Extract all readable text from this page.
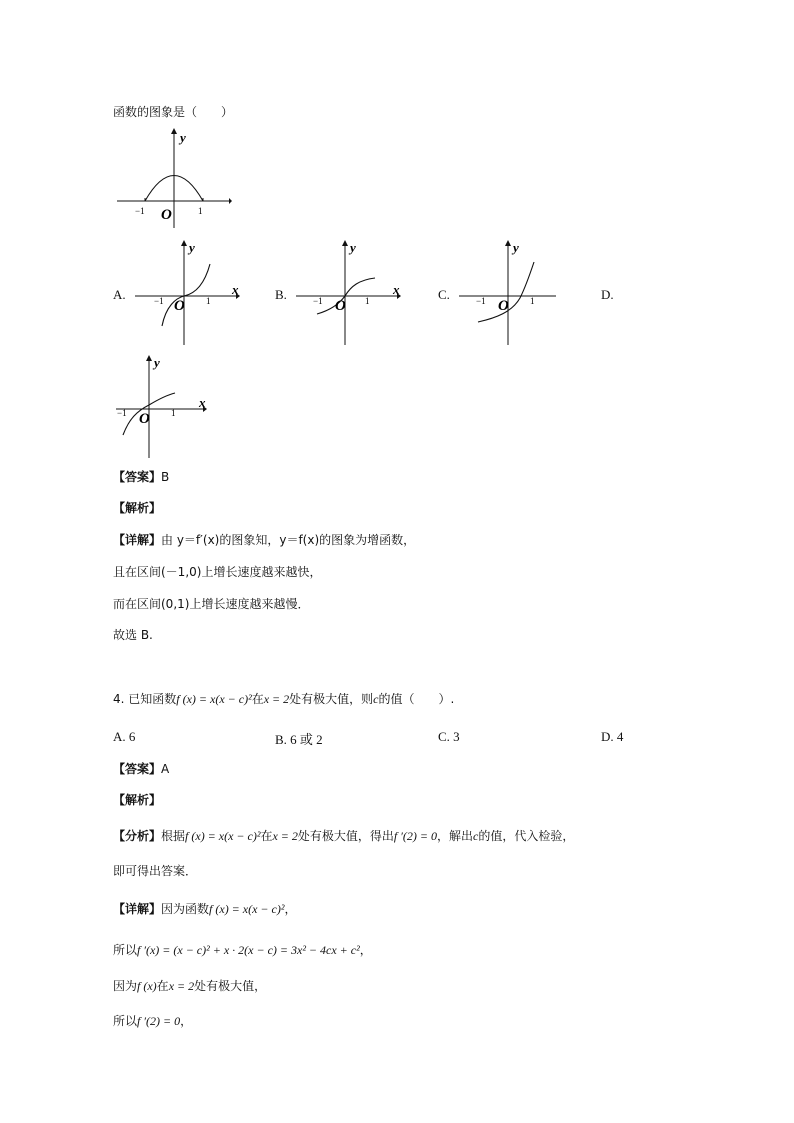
函数的图象是（　　）
y
−1	1
O
A.
y
x
−1	1
O
B.
y
x
−1	1
O
C.
y
−1	1
O
D.
y
x
−1	1
O
【答案】B
【解析】
【详解】由 y＝f′(x)的图象知，y＝f(x)的图象为增函数，
且在区间(－1,0)上增长速度越来越快，
而在区间(0,1)上增长速度越来越慢．
故选 B.
4. 已知函数f (x) = x(x − c)²在x = 2处有极大值，则c的值（　　）.
A. 6	B. 6 或 2	C. 3	D. 4
【答案】A
【解析】
【分析】根据f (x) = x(x − c)²在x = 2处有极大值，得出f ′(2) = 0，解出c的值，代入检验，
即可得出答案．
【详解】因为函数f (x) = x(x − c)²，
所以f ′(x) = (x − c)² + x · 2(x − c) = 3x² − 4cx + c²，
因为f (x)在x = 2处有极大值，
所以f ′(2) = 0，
